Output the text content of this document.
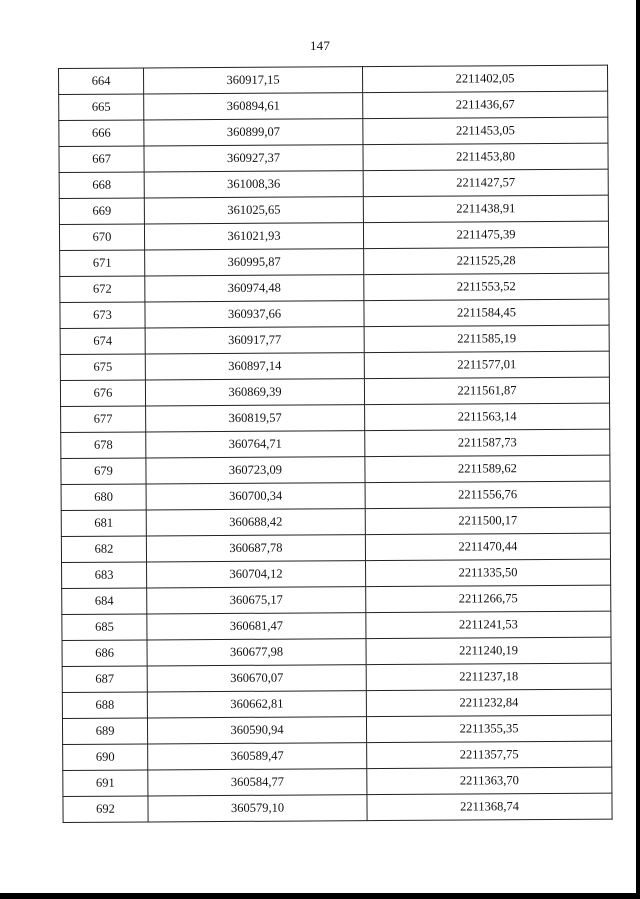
147
664	360917,15	2211402,05
665	360894,61	2211436,67
666	360899,07	2211453,05
667	360927,37	2211453,80
668	361008,36	2211427,57
669	361025,65	2211438,91
670	361021,93	2211475,39
671	360995,87	2211525,28
672	360974,48	2211553,52
673	360937,66	2211584,45
674	360917,77	2211585,19
675	360897,14	2211577,01
676	360869,39	2211561,87
677	360819,57	2211563,14
678	360764,71	2211587,73
679	360723,09	2211589,62
680	360700,34	2211556,76
681	360688,42	2211500,17
682	360687,78	2211470,44
683	360704,12	2211335,50
684	360675,17	2211266,75
685	360681,47	2211241,53
686	360677,98	2211240,19
687	360670,07	2211237,18
688	360662,81	2211232,84
689	360590,94	2211355,35
690	360589,47	2211357,75
691	360584,77	2211363,70
692	360579,10	2211368,74
